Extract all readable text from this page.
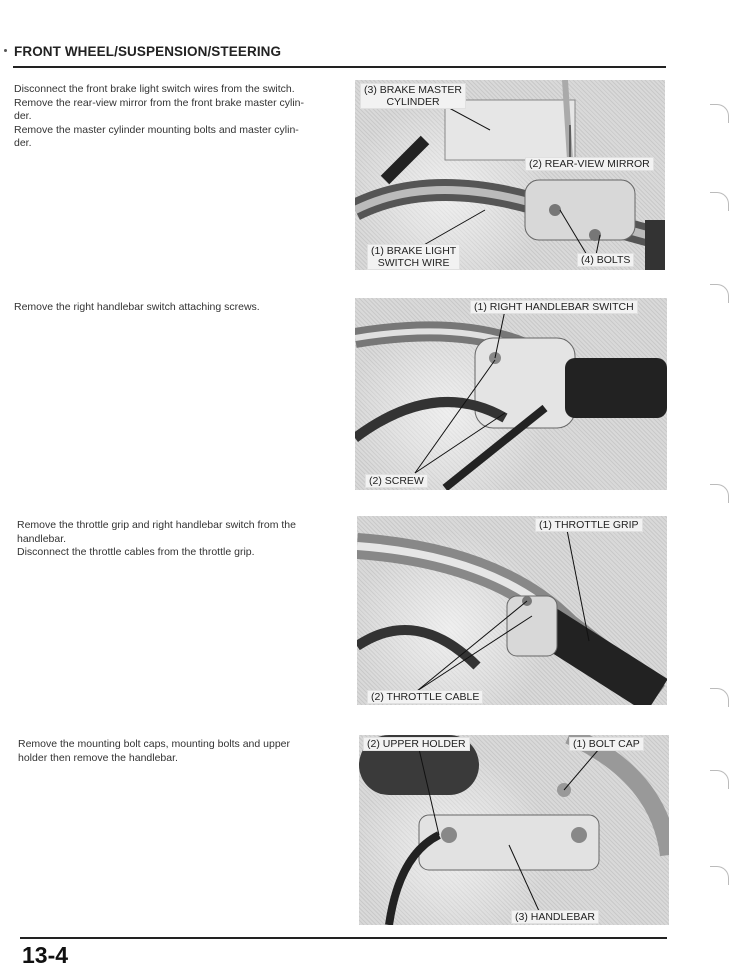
FRONT WHEEL/SUSPENSION/STEERING
Disconnect the front brake light switch wires from the switch.
Remove the rear-view mirror from the front brake master cylin-
der.
Remove the master cylinder mounting bolts and master cylin-
der.
(3) BRAKE MASTER
CYLINDER
(2) REAR-VIEW MIRROR
(1) BRAKE LIGHT
SWITCH WIRE	(4) BOLTS
Remove the right handlebar switch attaching screws.	(1) RIGHT HANDLEBAR SWITCH
(2) SCREW
Remove the throttle grip and right handlebar switch from the
handlebar.
Disconnect the throttle cables from the throttle grip.
(1) THROTTLE GRIP
(2) THROTTLE CABLE
Remove the mounting bolt caps, mounting bolts and upper
holder then remove the handlebar.
(2) UPPER HOLDER	(1) BOLT CAP
(3) HANDLEBAR
13-4
